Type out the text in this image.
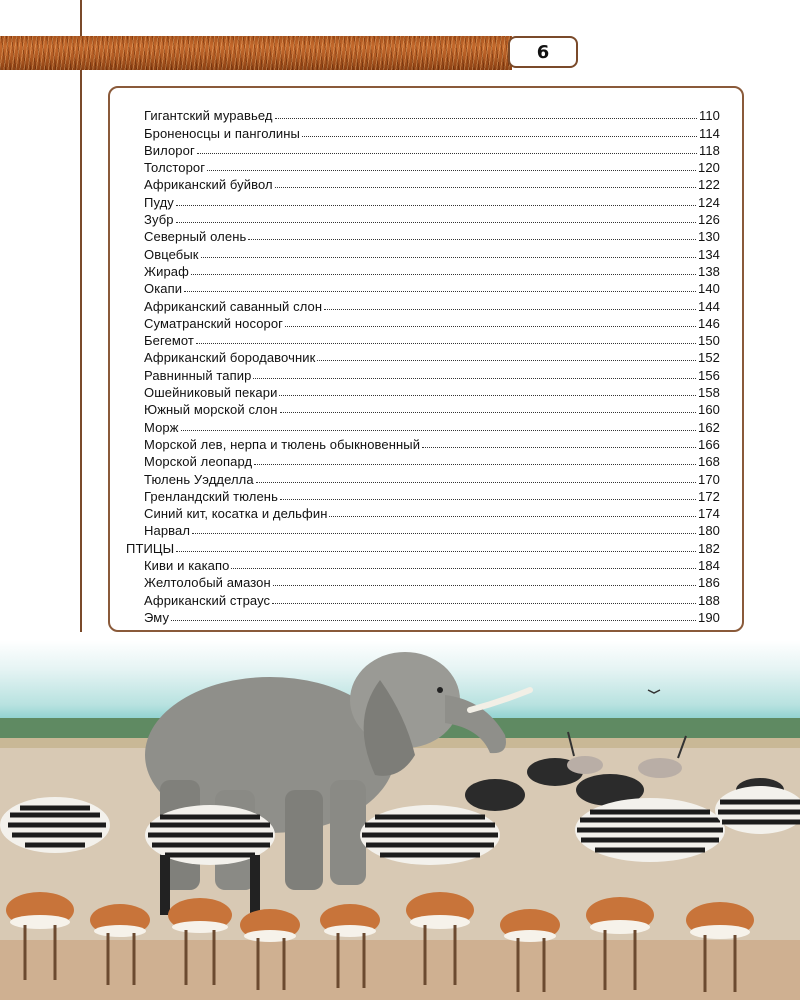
6
Гигантский муравьед	110
Броненосцы и панголины	114
Вилорог	118
Толсторог	120
Африканский буйвол	122
Пуду	124
Зубр	126
Северный олень	130
Овцебык	134
Жираф	138
Окапи	140
Африканский саванный слон	144
Суматранский носорог	146
Бегемот	150
Африканский бородавочник	152
Равнинный тапир	156
Ошейниковый пекари	158
Южный морской слон	160
Морж	162
Морской лев, нерпа и тюлень обыкновенный	166
Морской леопард	168
Тюлень Уэдделла	170
Гренландский тюлень	172
Синий кит, косатка и дельфин	174
Нарвал	180
ПТИЦЫ	182
Киви и какапо	184
Желтолобый амазон	186
Африканский страус	188
Эму	190
